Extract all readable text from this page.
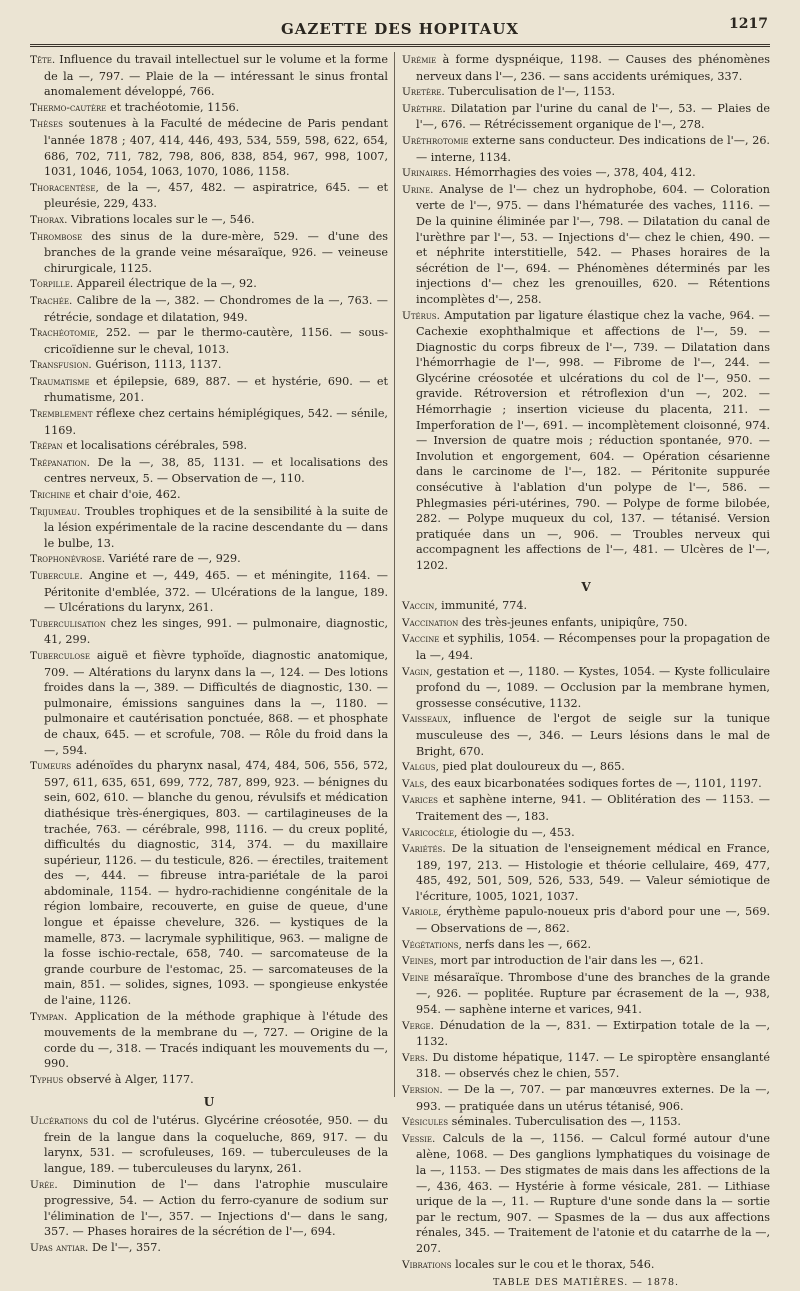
GAZETTE DES HOPITAUX	1217

Tête. Influence du travail intellectuel sur le volume et la forme de la —, 797. — Plaie de la — intéressant le sinus frontal anomalement développé, 766.

Thermo-cautère et trachéotomie, 1156.

Thèses soutenues à la Faculté de médecine de Paris pendant l'année 1878 ; 407, 414, 446, 493, 534, 559, 598, 622, 654, 686, 702, 711, 782, 798, 806, 838, 854, 967, 998, 1007, 1031, 1046, 1054, 1063, 1070, 1086, 1158.

Thoracentèse, de la —, 457, 482. — aspiratrice, 645. — et pleurésie, 229, 433.

Thorax. Vibrations locales sur le —, 546.

Thrombose des sinus de la dure-mère, 529. — d'une des branches de la grande veine mésaraïque, 926. — veineuse chirurgicale, 1125.

Torpille. Appareil électrique de la —, 92.

Trachée. Calibre de la —, 382. — Chondromes de la —, 763. — rétrécie, sondage et dilatation, 949.

Trachéotomie, 252. — par le thermo-cautère, 1156. — sous-cricoïdienne sur le cheval, 1013.

Transfusion. Guérison, 1113, 1137.

Traumatisme et épilepsie, 689, 887. — et hystérie, 690. — et rhumatisme, 201.

Tremblement réflexe chez certains hémiplégiques, 542. — sénile, 1169.

Trépan et localisations cérébrales, 598.

Trépanation. De la —, 38, 85, 1131. — et localisations des centres nerveux, 5. — Observation de —, 110.

Trichine et chair d'oie, 462.

Trijumeau. Troubles trophiques et de la sensibilité à la suite de la lésion expérimentale de la racine descendante du — dans le bulbe, 13.

Trophonévrose. Variété rare de —, 929.

Tubercule. Angine et —, 449, 465. — et méningite, 1164. — Péritonite d'emblée, 372. — Ulcérations de la langue, 189. — Ulcérations du larynx, 261.

Tuberculisation chez les singes, 991. — pulmonaire, diagnostic, 41, 299.

Tuberculose aiguë et fièvre typhoïde, diagnostic anatomique, 709. — Altérations du larynx dans la —, 124. — Des lotions froides dans la —, 389. — Difficultés de diagnostic, 130. — pulmonaire, émissions sanguines dans la —, 1180. — pulmonaire et cautérisation ponctuée, 868. — et phosphate de chaux, 645. — et scrofule, 708. — Rôle du froid dans la —, 594.

Tumeurs adénoïdes du pharynx nasal, 474, 484, 506, 556, 572, 597, 611, 635, 651, 699, 772, 787, 899, 923. — bénignes du sein, 602, 610. — blanche du genou, révulsifs et médication diathésique très-énergiques, 803. — cartilagineuses de la trachée, 763. — cérébrale, 998, 1116. — du creux poplité, difficultés du diagnostic, 314, 374. — du maxillaire supérieur, 1126. — du testicule, 826. — érectiles, traitement des —, 444. — fibreuse intra-pariétale de la paroi abdominale, 1154. — hydro-rachidienne congénitale de la région lombaire, recouverte, en guise de queue, d'une longue et épaisse chevelure, 326. — kystiques de la mamelle, 873. — lacrymale syphilitique, 963. — maligne de la fosse ischio-rectale, 658, 740. — sarcomateuse de la grande courbure de l'estomac, 25. — sarcomateuses de la main, 851. — solides, signes, 1093. — spongieuse enkystée de l'aine, 1126.

Tympan. Application de la méthode graphique à l'étude des mouvements de la membrane du —, 727. — Origine de la corde du —, 318. — Tracés indiquant les mouvements du —, 990.

Typhus observé à Alger, 1177.

U

Ulcérations du col de l'utérus. Glycérine créosotée, 950. — du frein de la langue dans la coqueluche, 869, 917. — du larynx, 531. — scrofuleuses, 169. — tuberculeuses de la langue, 189. — tuberculeuses du larynx, 261.

Urée. Diminution de l'— dans l'atrophie musculaire progressive, 54. — Action du ferro-cyanure de sodium sur l'élimination de l'—, 357. — Injections d'— dans le sang, 357. — Phases horaires de la sécrétion de l'—, 694.

Upas antiar. De l'—, 357.

Urémie à forme dyspnéique, 1198. — Causes des phénomènes nerveux dans l'—, 236. — sans accidents urémiques, 337.

Uretère. Tuberculisation de l'—, 1153.

Urèthre. Dilatation par l'urine du canal de l'—, 53. — Plaies de l'—, 676. — Rétrécissement organique de l'—, 278.

Uréthrotomie externe sans conducteur. Des indications de l'—, 26. — interne, 1134.

Urinaires. Hémorrhagies des voies —, 378, 404, 412.

Urine. Analyse de l'— chez un hydrophobe, 604. — Coloration verte de l'—, 975. — dans l'hématurée des vaches, 1116. — De la quinine éliminée par l'—, 798. — Dilatation du canal de l'urèthre par l'—, 53. — Injections d'— chez le chien, 490. — et néphrite interstitielle, 542. — Phases horaires de la sécrétion de l'—, 694. — Phénomènes déterminés par les injections d'— chez les grenouilles, 620. — Rétentions incomplètes d'—, 258.

Utérus. Amputation par ligature élastique chez la vache, 964. — Cachexie exophthalmique et affections de l'—, 59. — Diagnostic du corps fibreux de l'—, 739. — Dilatation dans l'hémorrhagie de l'—, 998. — Fibrome de l'—, 244. — Glycérine créosotée et ulcérations du col de l'—, 950. — gravide. Rétroversion et rétroflexion d'un —, 202. — Hémorrhagie ; insertion vicieuse du placenta, 211. — Imperforation de l'—, 691. — incomplètement cloisonné, 974. — Inversion de quatre mois ; réduction spontanée, 970. — Involution et engorgement, 604. — Opération césarienne dans le carcinome de l'—, 182. — Péritonite suppurée consécutive à l'ablation d'un polype de l'—, 586. — Phlegmasies péri-utérines, 790. — Polype de forme bilobée, 282. — Polype muqueux du col, 137. — tétanisé. Version pratiquée dans un —, 906. — Troubles nerveux qui accompagnent les affections de l'—, 481. — Ulcères de l'—, 1202.

V

Vaccin, immunité, 774.

Vaccination des très-jeunes enfants, unipiqûre, 750.

Vaccine et syphilis, 1054. — Récompenses pour la propagation de la —, 494.

Vagin, gestation et —, 1180. — Kystes, 1054. — Kyste folliculaire profond du —, 1089. — Occlusion par la membrane hymen, grossesse consécutive, 1132.

Vaisseaux, influence de l'ergot de seigle sur la tunique musculeuse des —, 346. — Leurs lésions dans le mal de Bright, 670.

Valgus, pied plat douloureux du —, 865.

Vals, des eaux bicarbonatées sodiques fortes de —, 1101, 1197.

Varices et saphène interne, 941. — Oblitération des — 1153. — Traitement des —, 183.

Varicocèle, étiologie du —, 453.

Variétés. De la situation de l'enseignement médical en France, 189, 197, 213. — Histologie et théorie cellulaire, 469, 477, 485, 492, 501, 509, 526, 533, 549. — Valeur sémiotique de l'écriture, 1005, 1021, 1037.

Variole, érythème papulo-noueux pris d'abord pour une —, 569. — Observations de —, 862.

Végétations, nerfs dans les —, 662.

Veines, mort par introduction de l'air dans les —, 621.

Veine mésaraïque. Thrombose d'une des branches de la grande —, 926. — poplitée. Rupture par écrasement de la —, 938, 954. — saphène interne et varices, 941.

Verge. Dénudation de la —, 831. — Extirpation totale de la —, 1132.

Vers. Du distome hépatique, 1147. — Le spiroptère ensanglanté 318. — observés chez le chien, 557.

Version. — De la —, 707. — par manœuvres externes. De la —, 993. — pratiquée dans un utérus tétanisé, 906.

Vésicules séminales. Tuberculisation des —, 1153.

Vessie. Calculs de la —, 1156. — Calcul formé autour d'une alène, 1068. — Des ganglions lymphatiques du voisinage de la —, 1153. — Des stigmates de mais dans les affections de la —, 436, 463. — Hystérie à forme vésicale, 281. — Lithiase urique de la —, 11. — Rupture d'une sonde dans la — sortie par le rectum, 907. — Spasmes de la — dus aux affections rénales, 345. — Traitement de l'atonie et du catarrhe de la —, 207.

Vibrations locales sur le cou et le thorax, 546.

TABLE DES MATIÈRES. — 1878.
